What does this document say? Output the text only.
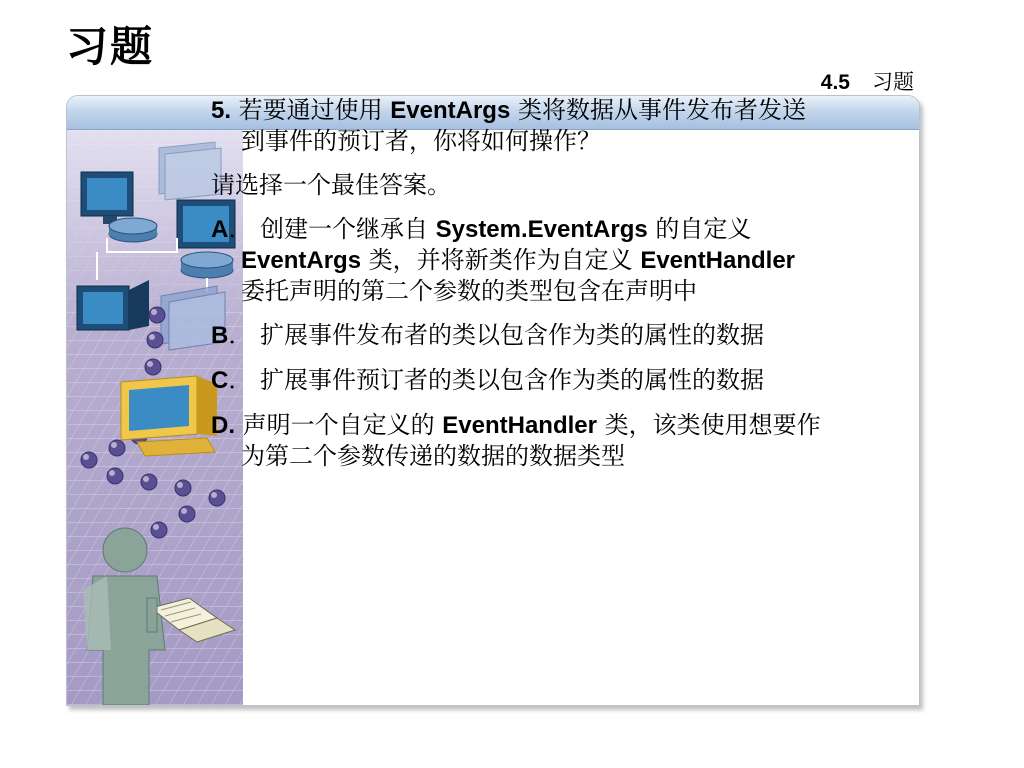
习题
4.5 习题

5. 若要通过使用 EventArgs 类将数据从事件发布者发送到事件的预订者，你将如何操作？

请选择一个最佳答案。

A． 创建一个继承自 System.EventArgs 的自定义 EventArgs 类，并将新类作为自定义 EventHandler 委托声明的第二个参数的类型包含在声明中

B． 扩展事件发布者的类以包含作为类的属性的数据

C． 扩展事件预订者的类以包含作为类的属性的数据

D. 声明一个自定义的 EventHandler 类，该类使用想要作为第二个参数传递的数据的数据类型
